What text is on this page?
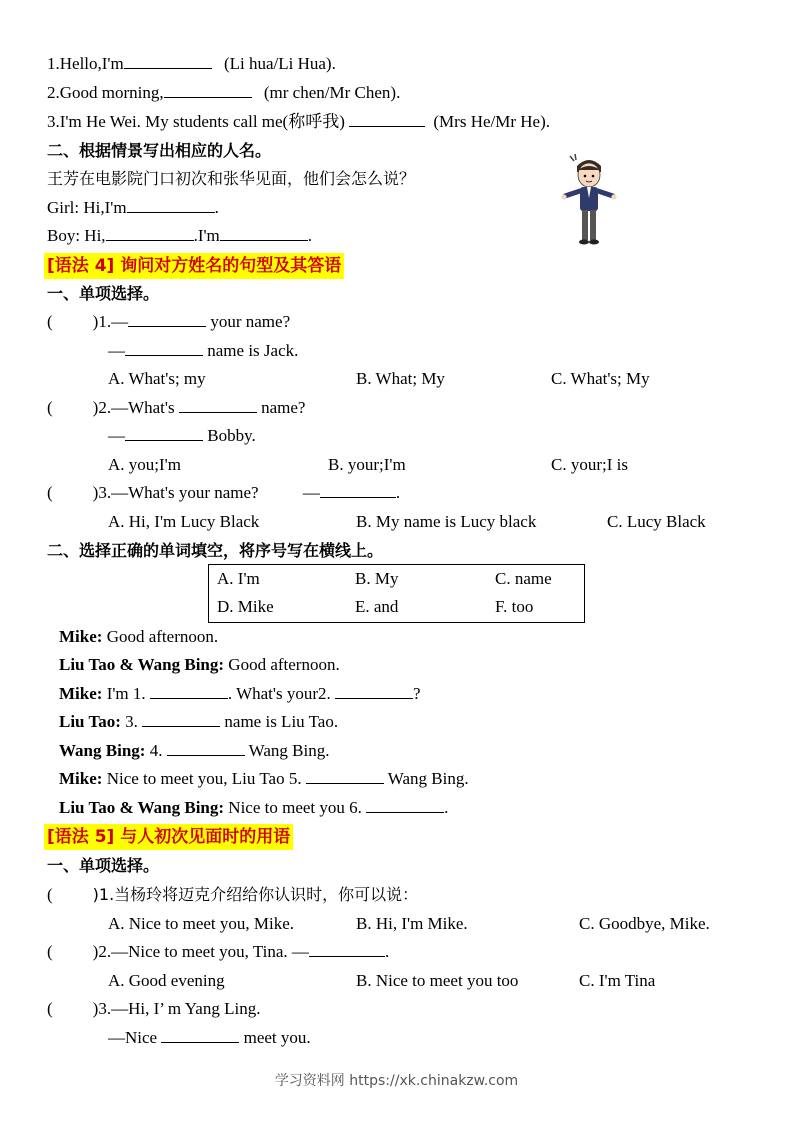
1.Hello,I'm	(Li hua/Li Hua).
2.Good morning,	(mr chen/Mr Chen).
3.I'm He Wei. My students call me(称呼我)	(Mrs He/Mr He).
二、根据情景写出相应的人名。
王芳在电影院门口初次和张华见面，他们会怎么说？
Girl: Hi,I'm	.
Boy: Hi,	.I'm	.
[语法 4] 询问对方姓名的句型及其答语
一、单项选择。
( )1.—	your name?
—	name is Jack.
A. What's; my	B. What; My	C. What's; My
( )2.—What's	name?
—	Bobby.
A. you;I'm	B. your;I'm	C. your;I is
( )3.—What's your name?	—	.
A. Hi, I'm Lucy Black	B. My name is Lucy black	C. Lucy Black
二、选择正确的单词填空，将序号写在横线上。
A. I'm	B. My	C. name
D. Mike	E. and	F. too
Mike: Good afternoon.
Liu Tao & Wang Bing: Good afternoon.
Mike: I'm 1.	. What's your2.	?
Liu Tao: 3.	name is Liu Tao.
Wang Bing: 4.	Wang Bing.
Mike: Nice to meet you, Liu Tao 5.	Wang Bing.
Liu Tao & Wang Bing: Nice to meet you 6.	.
[语法 5] 与人初次见面时的用语
一、单项选择。
(	)1.当杨玲将迈克介绍给你认识时，你可以说：
A. Nice to meet you, Mike.	B. Hi, I'm Mike.	C. Goodbye, Mike.
( )2.—Nice to meet you, Tina. —	.
A. Good evening	B. Nice to meet you too	C. I'm Tina
( )3.—Hi, I’ m Yang Ling.
—Nice	meet you.
学习资料网 https://xk.chinakzw.com
